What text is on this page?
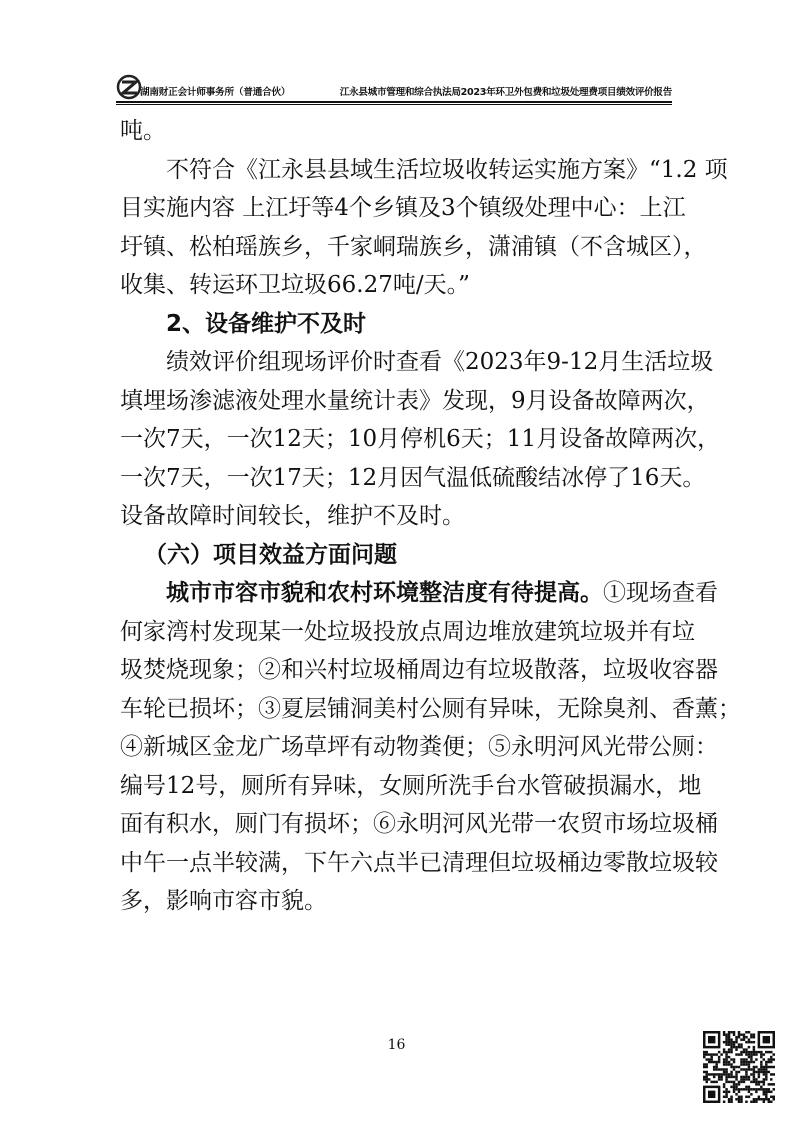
湖南财正会计师事务所（普通合伙）	江永县城市管理和综合执法局2023年环卫外包费和垃圾处理费项目绩效评价报告
吨。
不符合《江永县县域生活垃圾收转运实施方案》“1.2 项
目实施内容 上江圩等4个乡镇及3个镇级处理中心：上江
圩镇、松柏瑶族乡，千家峒瑞族乡，潇浦镇（不含城区），
收集、转运环卫垃圾66.27吨/天。”
2、设备维护不及时
绩效评价组现场评价时查看《2023年9-12月生活垃圾
填埋场渗滤液处理水量统计表》发现，9月设备故障两次，
一次7天，一次12天；10月停机6天；11月设备故障两次，
一次7天，一次17天；12月因气温低硫酸结冰停了16天。
设备故障时间较长，维护不及时。
（六）项目效益方面问题
城市市容市貌和农村环境整洁度有待提高。①现场查看
何家湾村发现某一处垃圾投放点周边堆放建筑垃圾并有垃
圾焚烧现象；②和兴村垃圾桶周边有垃圾散落，垃圾收容器
车轮已损坏；③夏层铺洞美村公厕有异味，无除臭剂、香薰；
④新城区金龙广场草坪有动物粪便；⑤永明河风光带公厕：
编号12号，厕所有异味，女厕所洗手台水管破损漏水，地
面有积水，厕门有损坏；⑥永明河风光带一农贸市场垃圾桶
中午一点半较满，下午六点半已清理但垃圾桶边零散垃圾较
多，影响市容市貌。
16
